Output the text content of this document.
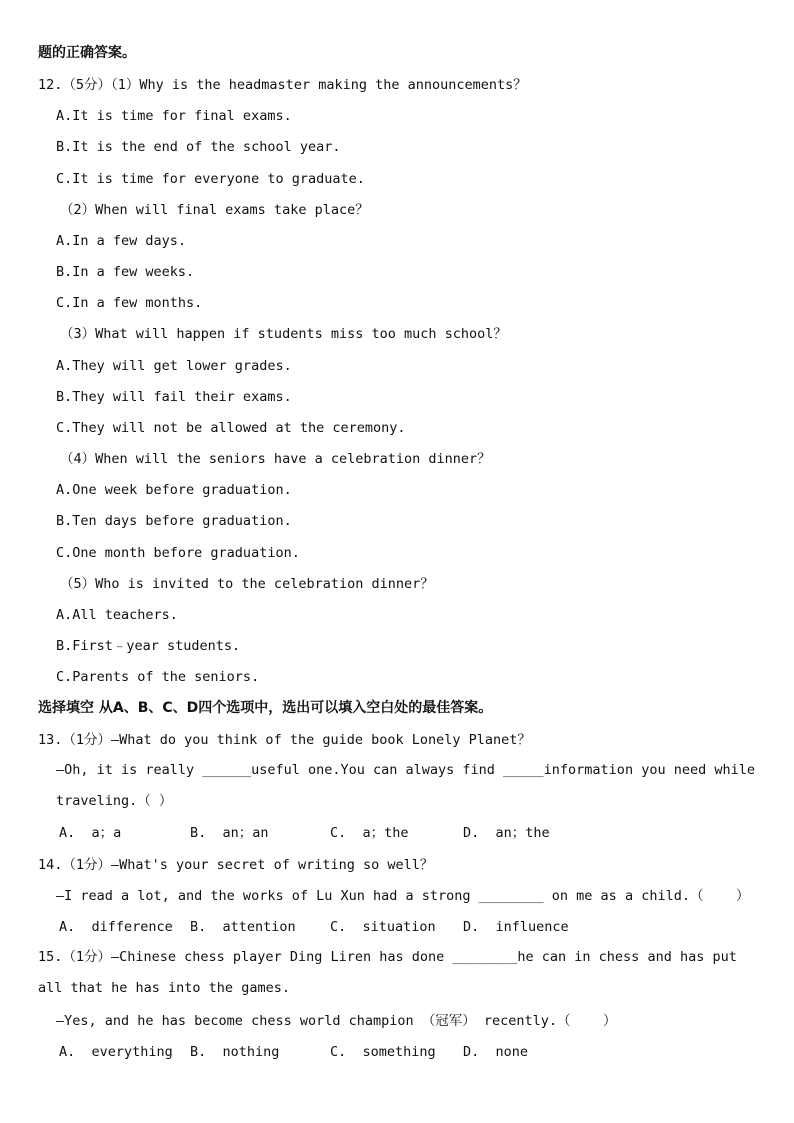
题的正确答案。
12.（5分）（1）Why is the headmaster making the announcements？
A.It is time for final exams.
B.It is the end of the school year.
C.It is time for everyone to graduate.
（2）When will final exams take place？
A.In a few days.
B.In a few weeks.
C.In a few months.
（3）What will happen if students miss too much school？
A.They will get lower grades.
B.They will fail their exams.
C.They will not be allowed at the ceremony.
（4）When will the seniors have a celebration dinner？
A.One week before graduation.
B.Ten days before graduation.
C.One month before graduation.
（5）Who is invited to the celebration dinner？
A.All teachers.
B.First﹣year students.
C.Parents of the seniors.
选择填空 从A、B、C、D四个选项中，选出可以填入空白处的最佳答案。
13.（1分）—What do you think of the guide book Lonely Planet？
—Oh, it is really ______useful one.You can always find _____information you need while traveling.（ ）
A.  a；a	B.  an；an	C.  a；the	D.  an；the
14.（1分）—What's your secret of writing so well？
—I read a lot, and the works of Lu Xun had a strong ________ on me as a child.（    ）
A.  difference B.  attention	C.  situation D.  influence
15.（1分）—Chinese chess player Ding Liren has done ________he can in chess and has put all that he has into the games.
—Yes, and he has become chess world champion （冠军） recently.（    ）
A.  everything B.  nothing	C.  something D.  none
